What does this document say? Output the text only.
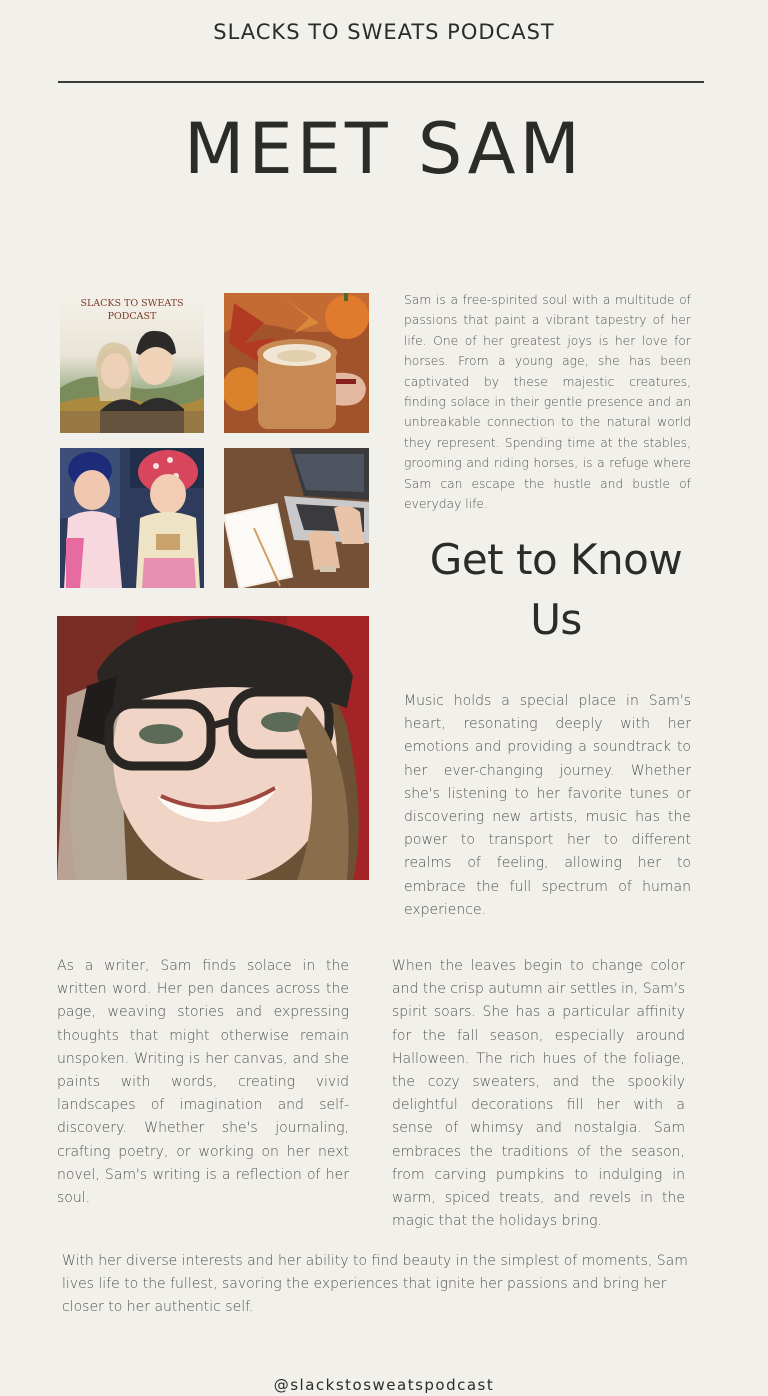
SLACKS TO SWEATS PODCAST
MEET SAM
SLACKS TO SWEATS
PODCAST

Sam is a free-spirited soul with a multitude of passions that paint a vibrant tapestry of her life. One of her greatest joys is her love for horses. From a young age, she has been captivated by these majestic creatures, finding solace in their gentle presence and an unbreakable connection to the natural world they represent. Spending time at the stables, grooming and riding horses, is a refuge where Sam can escape the hustle and bustle of everyday life.

Get to Know Us

Music holds a special place in Sam's heart, resonating deeply with her emotions and providing a soundtrack to her ever-changing journey. Whether she's listening to her favorite tunes or discovering new artists, music has the power to transport her to different realms of feeling, allowing her to embrace the full spectrum of human experience.

As a writer, Sam finds solace in the written word. Her pen dances across the page, weaving stories and expressing thoughts that might otherwise remain unspoken. Writing is her canvas, and she paints with words, creating vivid landscapes of imagination and self-discovery. Whether she's journaling, crafting poetry, or working on her next novel, Sam's writing is a reflection of her soul.

When the leaves begin to change color and the crisp autumn air settles in, Sam's spirit soars. She has a particular affinity for the fall season, especially around Halloween. The rich hues of the foliage, the cozy sweaters, and the spookily delightful decorations fill her with a sense of whimsy and nostalgia. Sam embraces the traditions of the season, from carving pumpkins to indulging in warm, spiced treats, and revels in the magic that the holidays bring.

With her diverse interests and her ability to find beauty in the simplest of moments, Sam lives life to the fullest, savoring the experiences that ignite her passions and bring her closer to her authentic self.

@slackstosweatspodcast
